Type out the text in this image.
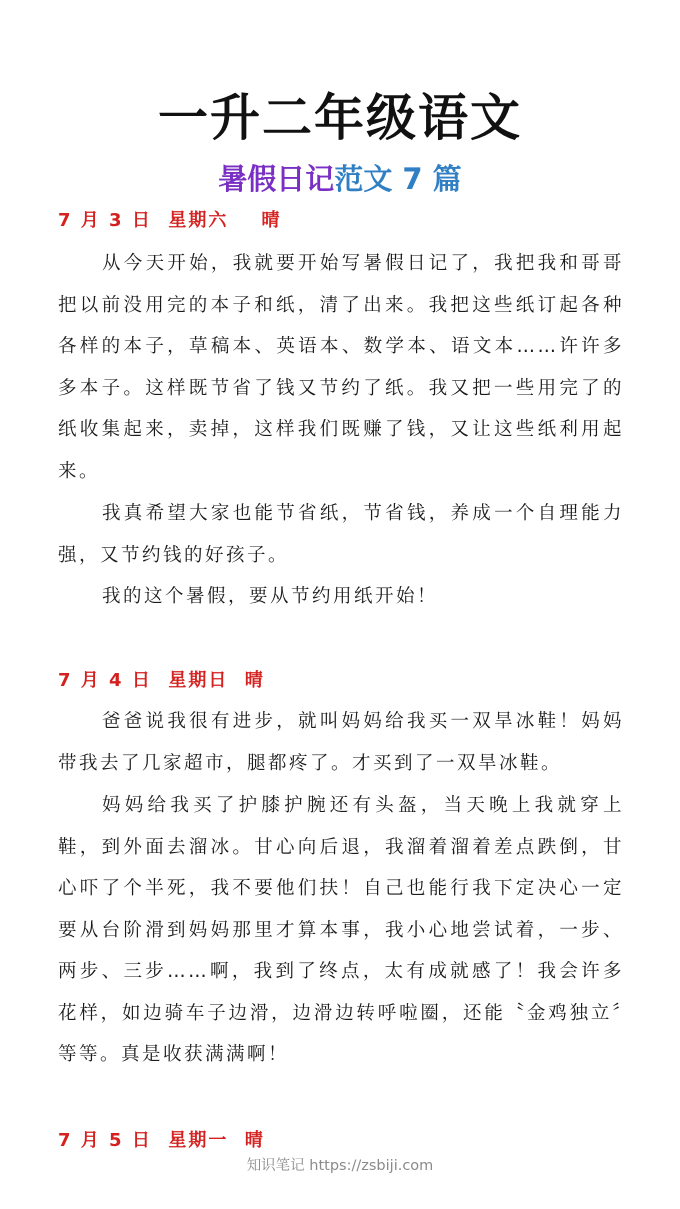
一升二年级语文
暑假日记范文 7 篇

7 月 3 日  星期六    晴

从今天开始，我就要开始写暑假日记了，我把我和哥哥把以前没用完的本子和纸，清了出来。我把这些纸订起各种各样的本子，草稿本、英语本、数学本、语文本……许许多多本子。这样既节省了钱又节约了纸。我又把一些用完了的纸收集起来，卖掉，这样我们既赚了钱，又让这些纸利用起来。

我真希望大家也能节省纸，节省钱，养成一个自理能力强，又节约钱的好孩子。

我的这个暑假，要从节约用纸开始！

7 月 4 日  星期日  晴

爸爸说我很有进步，就叫妈妈给我买一双旱冰鞋！妈妈带我去了几家超市，腿都疼了。才买到了一双旱冰鞋。

妈妈给我买了护膝护腕还有头盔，当天晚上我就穿上鞋，到外面去溜冰。甘心向后退，我溜着溜着差点跌倒，甘心吓了个半死，我不要他们扶！自己也能行我下定决心一定要从台阶滑到妈妈那里才算本事，我小心地尝试着，一步、两步、三步……啊，我到了终点，太有成就感了！我会许多花样，如边骑车子边滑，边滑边转呼啦圈，还能〝金鸡独立〞等等。真是收获满满啊！

7 月 5 日  星期一  晴

知识笔记 https://zsbiji.com
